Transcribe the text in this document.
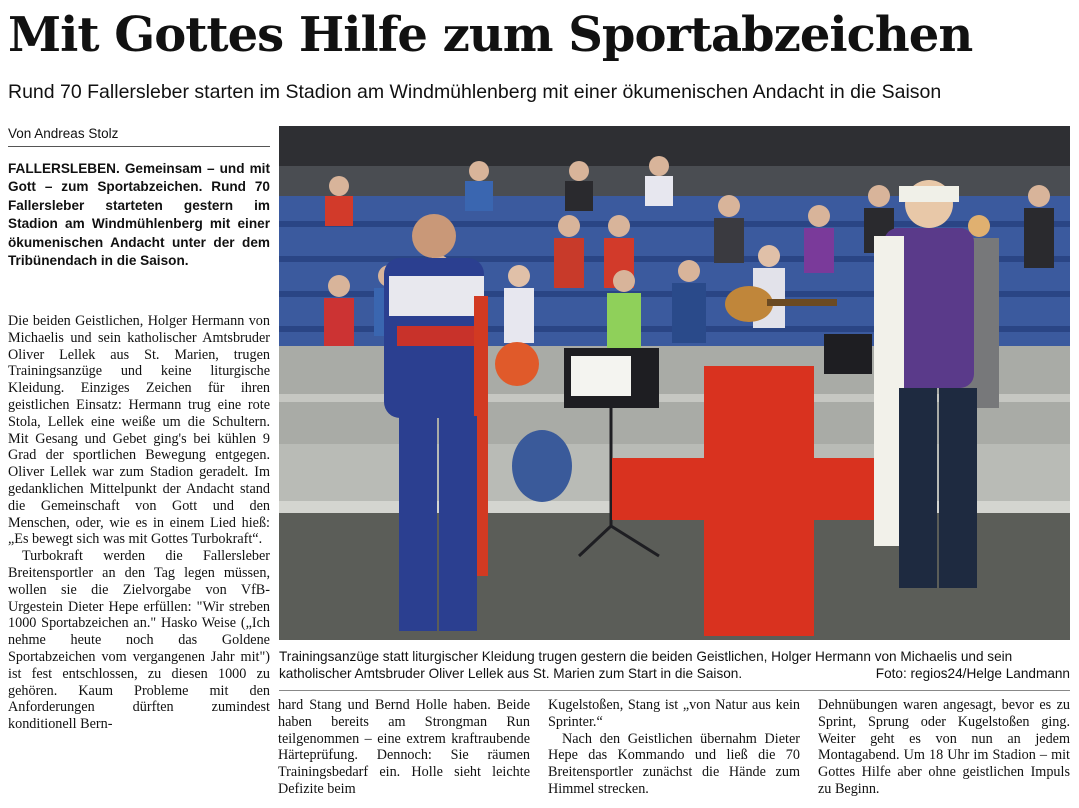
Mit Gottes Hilfe zum Sportabzeichen
Rund 70 Fallersleber starten im Stadion am Windmühlenberg mit einer ökumenischen Andacht in die Saison
Von Andreas Stolz
FALLERSLEBEN. Gemeinsam – und mit Gott – zum Sportabzeichen. Rund 70 Fallersleber starteten gestern im Stadion am Windmühlenberg mit einer ökumenischen Andacht unter der dem Tribünendach in die Saison.

Die beiden Geistlichen, Holger Hermann von Michaelis und sein katholischer Amtsbruder Oliver Lellek aus St. Marien, trugen Trainingsanzüge und keine liturgische Kleidung. Einziges Zeichen für ihren geistlichen Einsatz: Hermann trug eine rote Stola, Lellek eine weiße um die Schultern. Mit Gesang und Gebet ging's bei kühlen 9 Grad der sportlichen Bewegung entgegen. Oliver Lellek war zum Stadion geradelt. Im gedanklichen Mittelpunkt der Andacht stand die Gemeinschaft von Gott und den Menschen, oder, wie es in einem Lied hieß: „Es bewegt sich was mit Gottes Turbokraft“.

Turbokraft werden die Fallersleber Breitensportler an den Tag legen müssen, wollen sie die Zielvorgabe von VfB-Urgestein Dieter Hepe erfüllen: "Wir streben 1000 Sportabzeichen an." Hasko Weise („Ich nehme heute noch das Goldene Sportabzeichen vom vergangenen Jahr mit") ist fest entschlossen, zu diesen 1000 zu gehören. Kaum Probleme mit den Anforderungen dürften zumindest konditionell Bern-

Trainingsanzüge statt liturgischer Kleidung trugen gestern die beiden Geistlichen, Holger Hermann von Michaelis und sein katholischer Amtsbruder Oliver Lellek aus St. Marien zum Start in die Saison.	Foto: regios24/Helge Landmann

hard Stang und Bernd Holle haben. Beide haben bereits am Strongman Run teilgenommen – eine extrem kraftraubende Härteprüfung. Dennoch: Sie räumen Trainingsbedarf ein. Holle sieht leichte Defizite beim

Kugelstoßen, Stang ist „von Natur aus kein Sprinter.“

Nach den Geistlichen übernahm Dieter Hepe das Kommando und ließ die 70 Breitensportler zunächst die Hände zum Himmel strecken.

Dehnübungen waren angesagt, bevor es zu Sprint, Sprung oder Kugelstoßen ging. Weiter geht es von nun an jedem Montagabend. Um 18 Uhr im Stadion – mit Gottes Hilfe aber ohne geistlichen Impuls zu Beginn.
